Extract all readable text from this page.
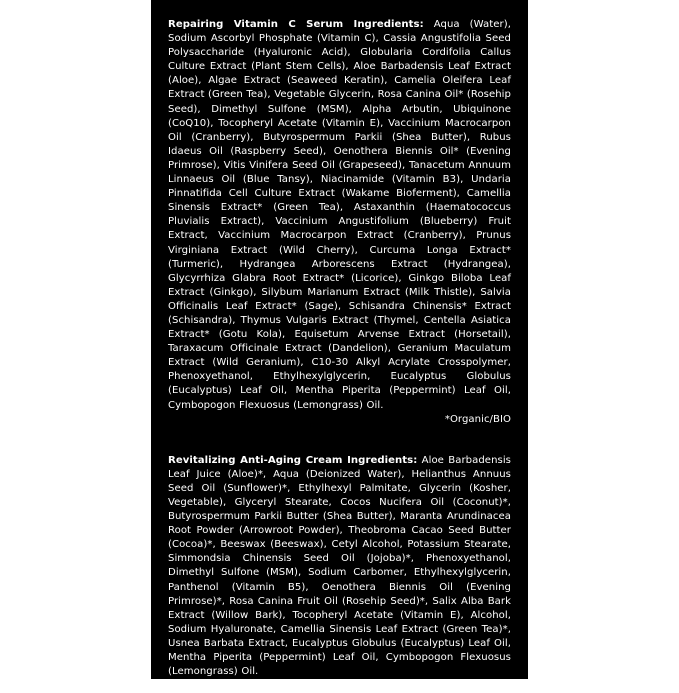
Repairing Vitamin C Serum Ingredients: Aqua (Water), Sodium Ascorbyl Phosphate (Vitamin C), Cassia Angustifolia Seed Polysaccharide (Hyaluronic Acid), Globularia Cordifolia Callus Culture Extract (Plant Stem Cells), Aloe Barbadensis Leaf Extract (Aloe), Algae Extract (Seaweed Keratin), Camelia Oleifera Leaf Extract (Green Tea), Vegetable Glycerin, Rosa Canina Oil* (Rosehip Seed), Dimethyl Sulfone (MSM), Alpha Arbutin, Ubiquinone (CoQ10), Tocopheryl Acetate (Vitamin E), Vaccinium Macrocarpon Oil (Cranberry), Butyrospermum Parkii (Shea Butter), Rubus Idaeus Oil (Raspberry Seed), Oenothera Biennis Oil* (Evening Primrose), Vitis Vinifera Seed Oil (Grapeseed), Tanacetum Annuum Linnaeus Oil (Blue Tansy), Niacinamide (Vitamin B3), Undaria Pinnatifida Cell Culture Extract (Wakame Bioferment), Camellia Sinensis Extract* (Green Tea), Astaxanthin (Haematococcus Pluvialis Extract), Vaccinium Angustifolium (Blueberry) Fruit Extract, Vaccinium Macrocarpon Extract (Cranberry), Prunus Virginiana Extract (Wild Cherry), Curcuma Longa Extract* (Turmeric), Hydrangea Arborescens Extract (Hydrangea), Glycyrrhiza Glabra Root Extract* (Licorice), Ginkgo Biloba Leaf Extract (Ginkgo), Silybum Marianum Extract (Milk Thistle), Salvia Officinalis Leaf Extract* (Sage), Schisandra Chinensis* Extract (Schisandra), Thymus Vulgaris Extract (Thymel, Centella Asiatica Extract* (Gotu Kola), Equisetum Arvense Extract (Horsetail), Taraxacum Officinale Extract (Dandelion), Geranium Maculatum Extract (Wild Geranium), C10-30 Alkyl Acrylate Crosspolymer, Phenoxyethanol, Ethylhexylglycerin, Eucalyptus Globulus (Eucalyptus) Leaf Oil, Mentha Piperita (Peppermint) Leaf Oil, Cymbopogon Flexuosus (Lemongrass) Oil.
*Organic/BIO
Revitalizing Anti-Aging Cream Ingredients: Aloe Barbadensis Leaf Juice (Aloe)*, Aqua (Deionized Water), Helianthus Annuus Seed Oil (Sunflower)*, Ethylhexyl Palmitate, Glycerin (Kosher, Vegetable), Glyceryl Stearate, Cocos Nucifera Oil (Coconut)*, Butyrospermum Parkii Butter (Shea Butter), Maranta Arundinacea Root Powder (Arrowroot Powder), Theobroma Cacao Seed Butter (Cocoa)*, Beeswax (Beeswax), Cetyl Alcohol, Potassium Stearate, Simmondsia Chinensis Seed Oil (Jojoba)*, Phenoxyethanol, Dimethyl Sulfone (MSM), Sodium Carbomer, Ethylhexylglycerin, Panthenol (Vitamin B5), Oenothera Biennis Oil (Evening Primrose)*, Rosa Canina Fruit Oil (Rosehip Seed)*, Salix Alba Bark Extract (Willow Bark), Tocopheryl Acetate (Vitamin E), Alcohol, Sodium Hyaluronate, Camellia Sinensis Leaf Extract (Green Tea)*, Usnea Barbata Extract, Eucalyptus Globulus (Eucalyptus) Leaf Oil, Mentha Piperita (Peppermint) Leaf Oil, Cymbopogon Flexuosus (Lemongrass) Oil.
*Organic/BIO
